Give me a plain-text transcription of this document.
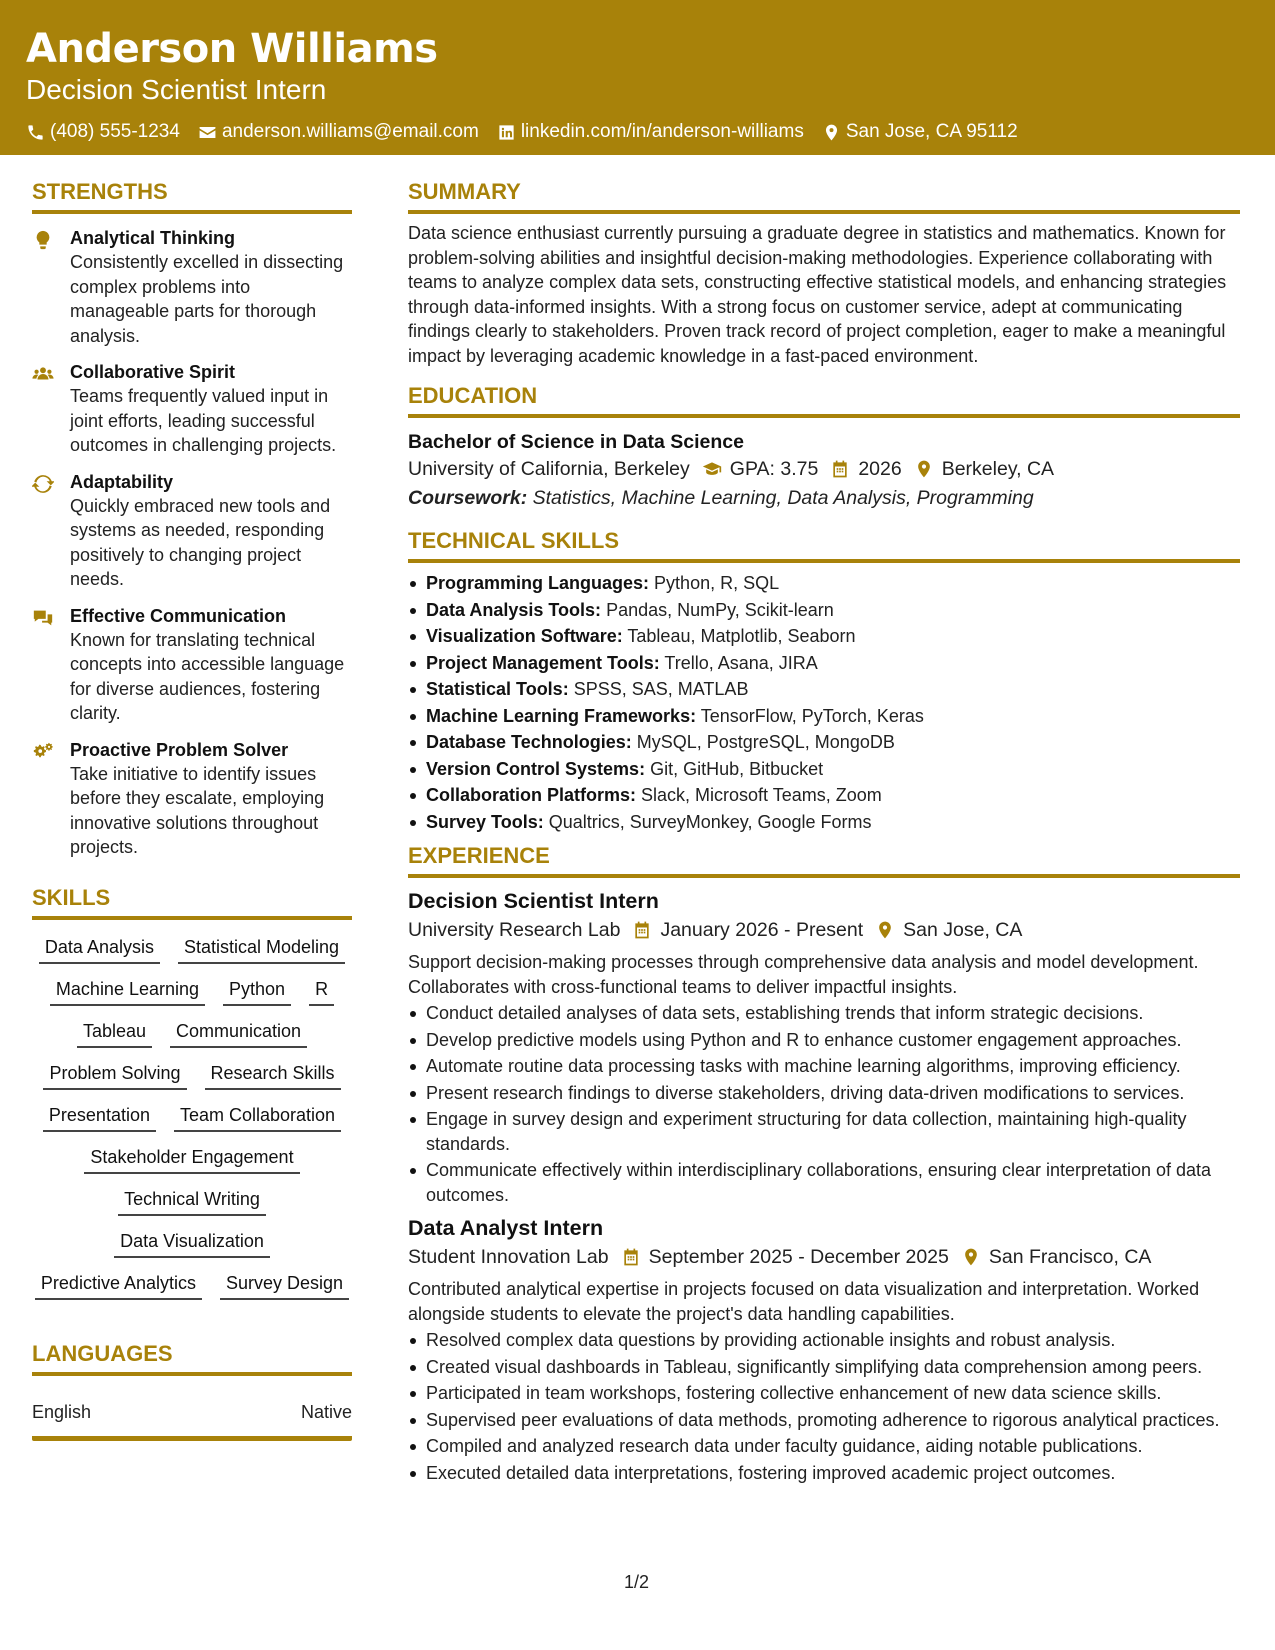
Anderson Williams
Decision Scientist Intern
(408) 555-1234 anderson.williams@email.com linkedin.com/in/anderson-williams San Jose, CA 95112
STRENGTHS
Analytical Thinking
Consistently excelled in dissecting complex problems into manageable parts for thorough analysis.
Collaborative Spirit
Teams frequently valued input in joint efforts, leading successful outcomes in challenging projects.
Adaptability
Quickly embraced new tools and systems as needed, responding positively to changing project needs.
Effective Communication
Known for translating technical concepts into accessible language for diverse audiences, fostering clarity.
Proactive Problem Solver
Take initiative to identify issues before they escalate, employing innovative solutions throughout projects.
SKILLS
Data Analysis	Statistical Modeling
Machine Learning	Python	R
Tableau	Communication
Problem Solving	Research Skills
Presentation	Team Collaboration
Stakeholder Engagement
Technical Writing
Data Visualization
Predictive Analytics	Survey Design
LANGUAGES
English	Native
SUMMARY
Data science enthusiast currently pursuing a graduate degree in statistics and mathematics. Known for problem-solving abilities and insightful decision-making methodologies. Experience collaborating with teams to analyze complex data sets, constructing effective statistical models, and enhancing strategies through data-informed insights. With a strong focus on customer service, adept at communicating findings clearly to stakeholders. Proven track record of project completion, eager to make a meaningful impact by leveraging academic knowledge in a fast-paced environment.
EDUCATION
Bachelor of Science in Data Science
University of California, Berkeley GPA: 3.75 2026 Berkeley, CA
Coursework: Statistics, Machine Learning, Data Analysis, Programming
TECHNICAL SKILLS
Programming Languages: Python, R, SQL
Data Analysis Tools: Pandas, NumPy, Scikit-learn
Visualization Software: Tableau, Matplotlib, Seaborn
Project Management Tools: Trello, Asana, JIRA
Statistical Tools: SPSS, SAS, MATLAB
Machine Learning Frameworks: TensorFlow, PyTorch, Keras
Database Technologies: MySQL, PostgreSQL, MongoDB
Version Control Systems: Git, GitHub, Bitbucket
Collaboration Platforms: Slack, Microsoft Teams, Zoom
Survey Tools: Qualtrics, SurveyMonkey, Google Forms
EXPERIENCE
Decision Scientist Intern
University Research Lab January 2026 - Present San Jose, CA
Support decision-making processes through comprehensive data analysis and model development. Collaborates with cross-functional teams to deliver impactful insights.
Conduct detailed analyses of data sets, establishing trends that inform strategic decisions.
Develop predictive models using Python and R to enhance customer engagement approaches.
Automate routine data processing tasks with machine learning algorithms, improving efficiency.
Present research findings to diverse stakeholders, driving data-driven modifications to services.
Engage in survey design and experiment structuring for data collection, maintaining high-quality standards.
Communicate effectively within interdisciplinary collaborations, ensuring clear interpretation of data outcomes.
Data Analyst Intern
Student Innovation Lab September 2025 - December 2025 San Francisco, CA
Contributed analytical expertise in projects focused on data visualization and interpretation. Worked alongside students to elevate the project's data handling capabilities.
Resolved complex data questions by providing actionable insights and robust analysis.
Created visual dashboards in Tableau, significantly simplifying data comprehension among peers.
Participated in team workshops, fostering collective enhancement of new data science skills.
Supervised peer evaluations of data methods, promoting adherence to rigorous analytical practices.
Compiled and analyzed research data under faculty guidance, aiding notable publications.
Executed detailed data interpretations, fostering improved academic project outcomes.
1/2
